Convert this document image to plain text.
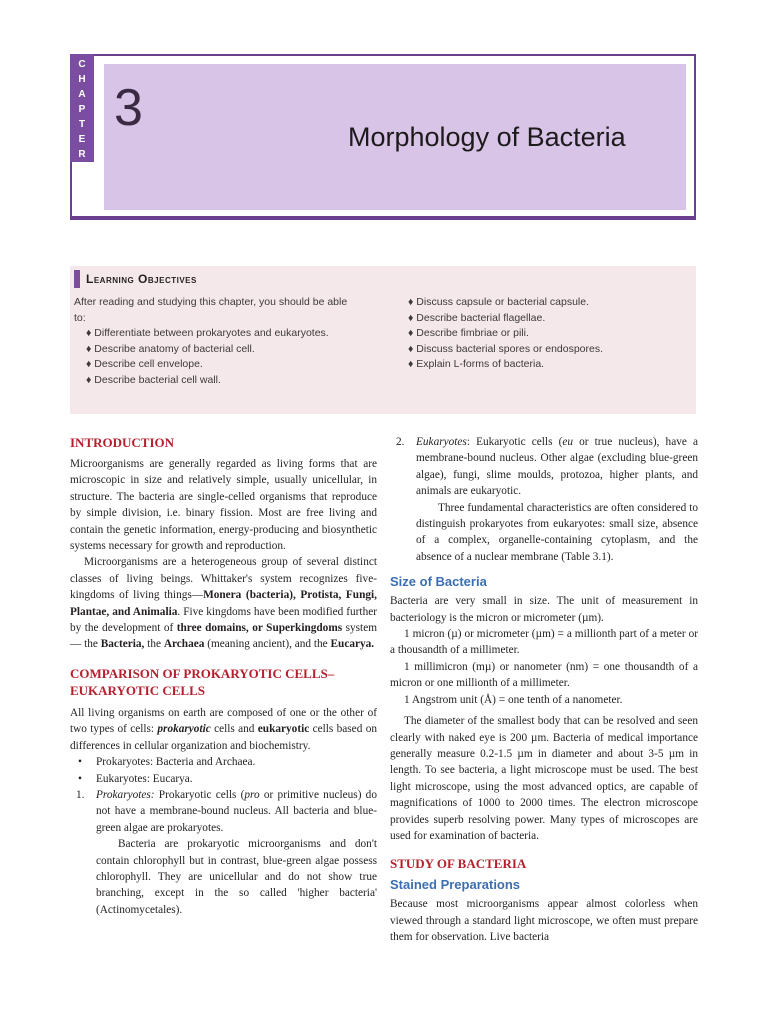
C
H
A
P
T
E
R
3	Morphology of Bacteria
Learning Objectives
After reading and studying this chapter, you should be able
to:
♦ Differentiate between prokaryotes and eukaryotes.
♦ Describe anatomy of bacterial cell.
♦ Describe cell envelope.
♦ Describe bacterial cell wall.
♦ Discuss capsule or bacterial capsule.
♦ Describe bacterial flagellae.
♦ Describe fimbriae or pili.
♦ Discuss bacterial spores or endospores.
♦ Explain L-forms of bacteria.

INTRODUCTION

Microorganisms are generally regarded as living forms that are microscopic in size and relatively simple, usually unicellular, in structure. The bacteria are single-celled organisms that reproduce by simple division, i.e. binary fission. Most are free living and contain the genetic information, energy-producing and biosynthetic systems necessary for growth and reproduction.

Microorganisms are a heterogeneous group of several distinct classes of living beings. Whittaker's system recognizes five-kingdoms of living things—Monera (bacteria), Protista, Fungi, Plantae, and Animalia. Five kingdoms have been modified further by the development of three domains, or Superkingdoms system— the Bacteria, the Archaea (meaning ancient), and the Eucarya.

COMPARISON OF PROKARYOTIC CELLS–
EUKARYOTIC CELLS

All living organisms on earth are composed of one or the other of two types of cells: prokaryotic cells and eukaryotic cells based on differences in cellular organization and biochemistry.

• Prokaryotes: Bacteria and Archaea.
• Eukaryotes: Eucarya.
1. Prokaryotes: Prokaryotic cells (pro or primitive nucleus) do not have a membrane-bound nucleus. All bacteria and blue-green algae are prokaryotes.

Bacteria are prokaryotic microorganisms and don't contain chlorophyll but in contrast, blue-green algae possess chlorophyll. They are unicellular and do not show true branching, except in the so called 'higher bacteria' (Actinomycetales).

2. Eukaryotes: Eukaryotic cells (eu or true nucleus), have a membrane-bound nucleus. Other algae (excluding blue-green algae), fungi, slime moulds, protozoa, higher plants, and animals are eukaryotic.

Three fundamental characteristics are often considered to distinguish prokaryotes from eukaryotes: small size, absence of a complex, organelle-containing cytoplasm, and the absence of a nuclear membrane (Table 3.1).

Size of Bacteria

Bacteria are very small in size. The unit of measurement in bacteriology is the micron or micrometer (µm).

1 micron (µ) or micrometer (µm) = a millionth part of a meter or a thousandth of a millimeter.

1 millimicron (mµ) or nanometer (nm) = one thousandth of a micron or one millionth of a millimeter.

1 Angstrom unit (Å) = one tenth of a nanometer.

The diameter of the smallest body that can be resolved and seen clearly with naked eye is 200 µm. Bacteria of medical importance generally measure 0.2-1.5 µm in diameter and about 3-5 µm in length. To see bacteria, a light microscope must be used. The best light microscope, using the most advanced optics, are capable of magnifications of 1000 to 2000 times. The electron microscope provides superb resolving power. Many types of microscopes are used for examination of bacteria.

STUDY OF BACTERIA

Stained Preparations

Because most microorganisms appear almost colorless when viewed through a standard light microscope, we often must prepare them for observation. Live bacteria
